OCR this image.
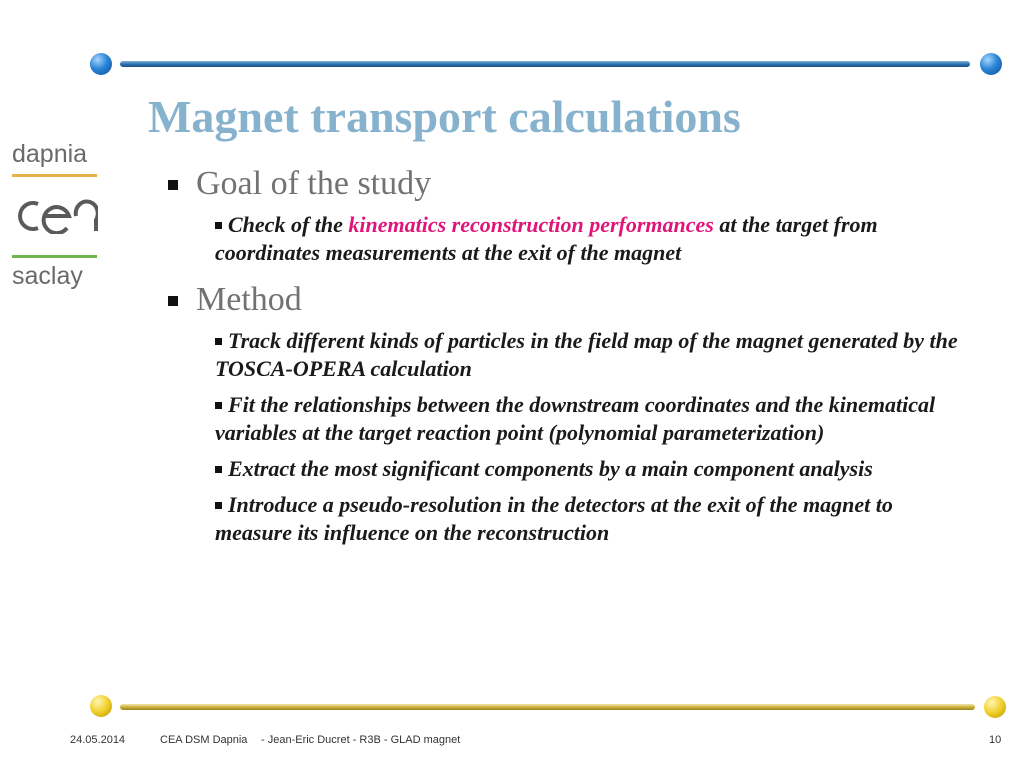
dapnia
saclay
Magnet transport calculations
Goal of the study
Check of the kinematics reconstruction performances at the target from coordinates measurements at the exit of the magnet
Method
Track different kinds of particles in the field map of the magnet generated by the TOSCA-OPERA calculation
Fit the relationships between the downstream coordinates and the kinematical variables at the target reaction point (polynomial parameterization)
Extract the most significant components by a main component analysis
Introduce a pseudo-resolution in the detectors at the exit of the magnet to measure its influence on the reconstruction
24.05.2014	CEA DSM Dapnia - Jean-Eric Ducret - R3B - GLAD magnet	10
